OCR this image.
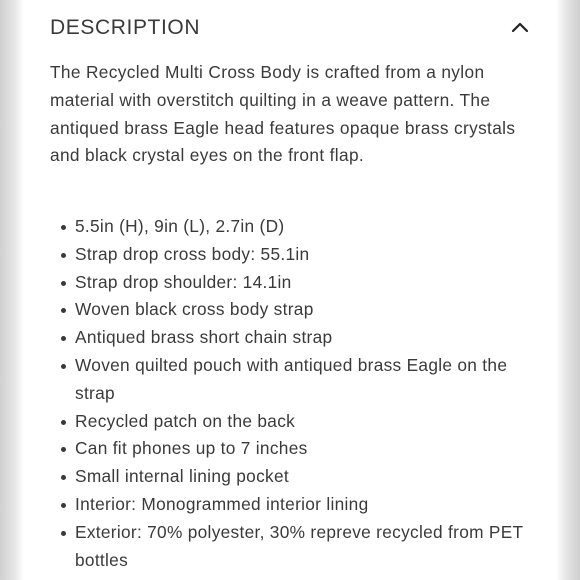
DESCRIPTION

The Recycled Multi Cross Body is crafted from a nylon material with overstitch quilting in a weave pattern. The antiqued brass Eagle head features opaque brass crystals and black crystal eyes on the front flap.

5.5in (H), 9in (L), 2.7in (D)
Strap drop cross body: 55.1in
Strap drop shoulder: 14.1in
Woven black cross body strap
Antiqued brass short chain strap
Woven quilted pouch with antiqued brass Eagle on the strap
Recycled patch on the back
Can fit phones up to 7 inches
Small internal lining pocket
Interior: Monogrammed interior lining
Exterior: 70% polyester, 30% repreve recycled from PET bottles
